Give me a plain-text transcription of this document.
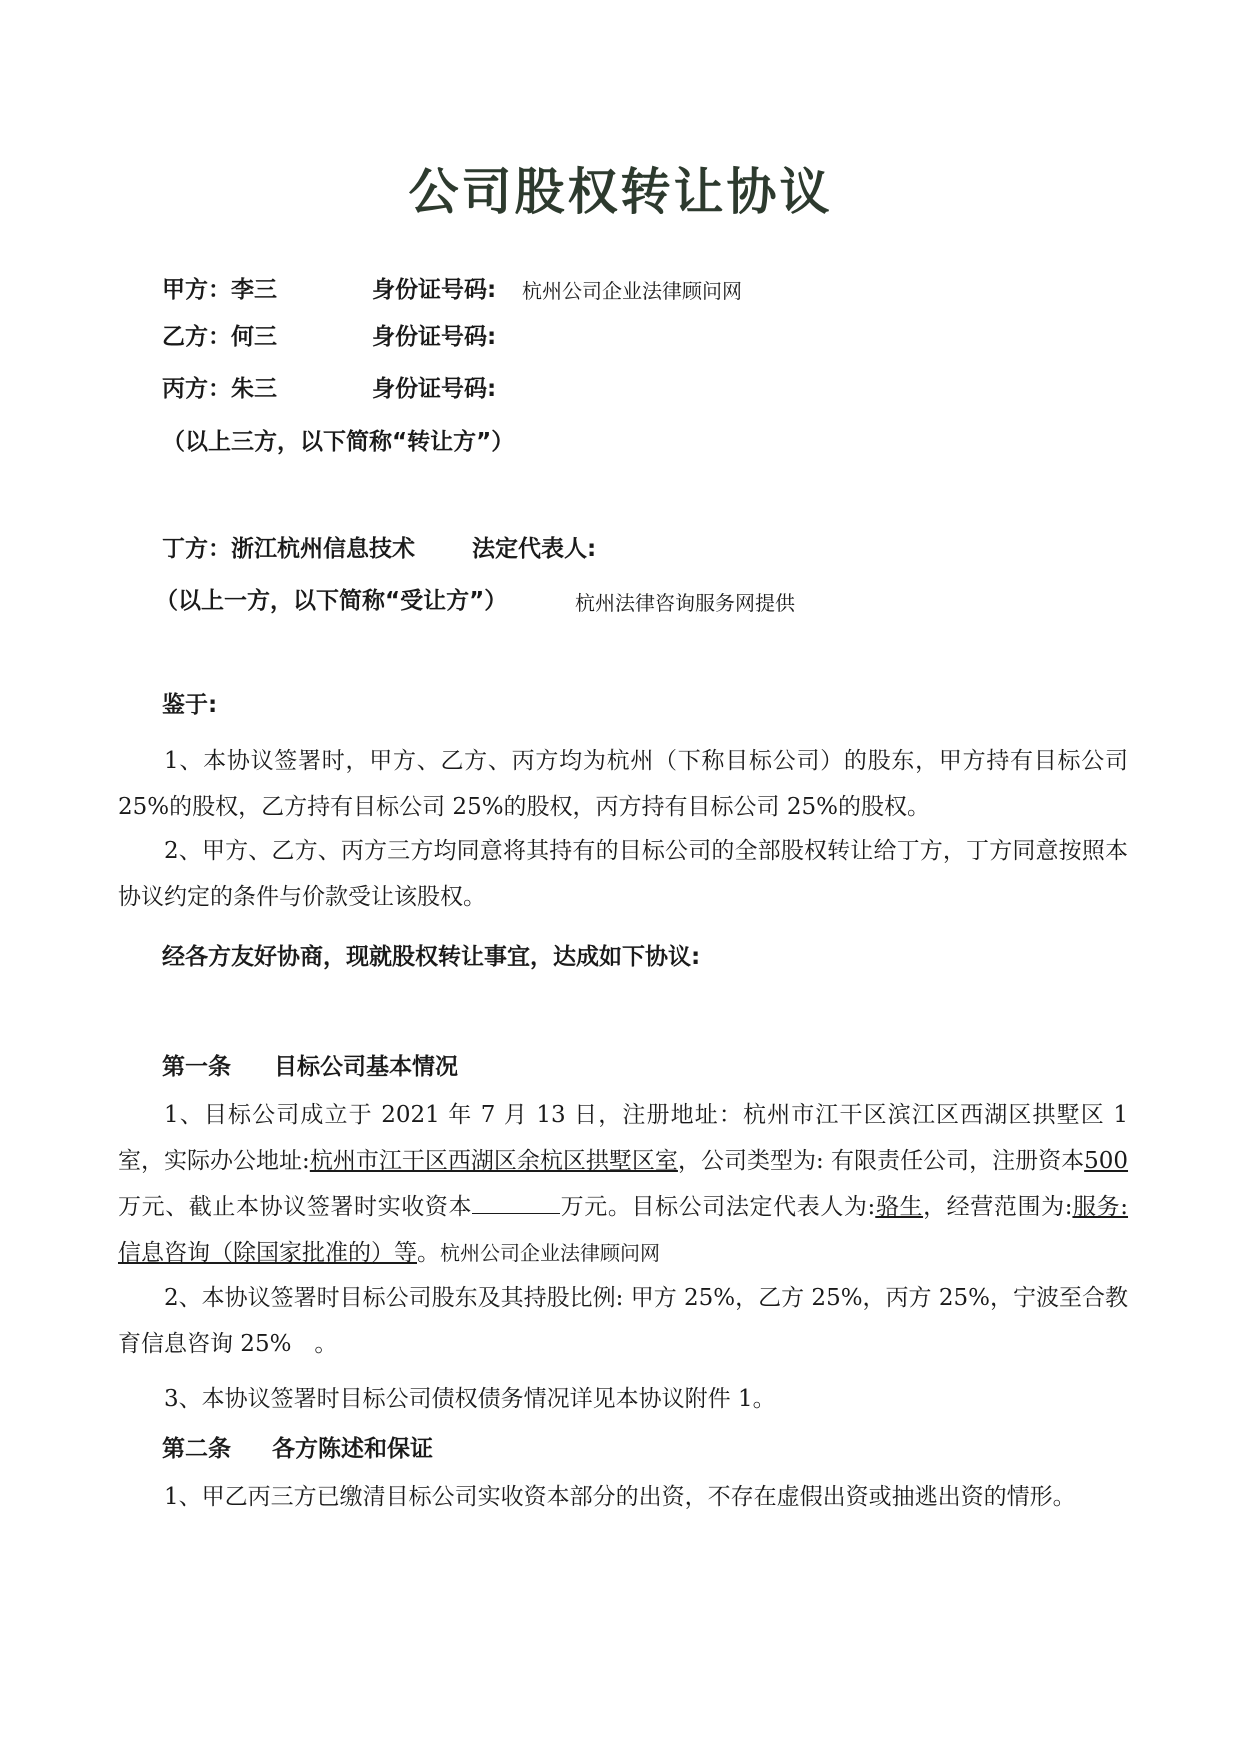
公司股权转让协议
甲方：李三	身份证号码: 杭州公司企业法律顾问网
乙方：何三	身份证号码:
丙方：朱三	身份证号码:
（以上三方，以下简称“转让方”）
丁方：浙江杭州信息技术 法定代表人:
（以上一方，以下简称“受让方”）	杭州法律咨询服务网提供
鉴于:
1、本协议签署时，甲方、乙方、丙方均为杭州（下称目标公司）的股东，甲方持有目标公司 25%的股权，乙方持有目标公司 25%的股权，丙方持有目标公司 25%的股权。
2、甲方、乙方、丙方三方均同意将其持有的目标公司的全部股权转让给丁方，丁方同意按照本协议约定的条件与价款受让该股权。
经各方友好协商，现就股权转让事宜，达成如下协议:
第一条 目标公司基本情况
1、目标公司成立于 2021 年 7 月 13 日，注册地址：杭州市江干区滨江区西湖区拱墅区 1 室，实际办公地址:杭州市江干区西湖区余杭区拱墅区室，公司类型为: 有限责任公司，注册资本500万元、截止本协议签署时实收资本	万元。目标公司法定代表人为:骆生，经营范围为:服务: 信息咨询（除国家批准的）等。杭州公司企业法律顾问网
2、本协议签署时目标公司股东及其持股比例: 甲方 25%，乙方 25%，丙方 25%，宁波至合教育信息咨询 25%　。
3、本协议签署时目标公司债权债务情况详见本协议附件 1。
第二条 各方陈述和保证
1、甲乙丙三方已缴清目标公司实收资本部分的出资，不存在虚假出资或抽逃出资的情形。
